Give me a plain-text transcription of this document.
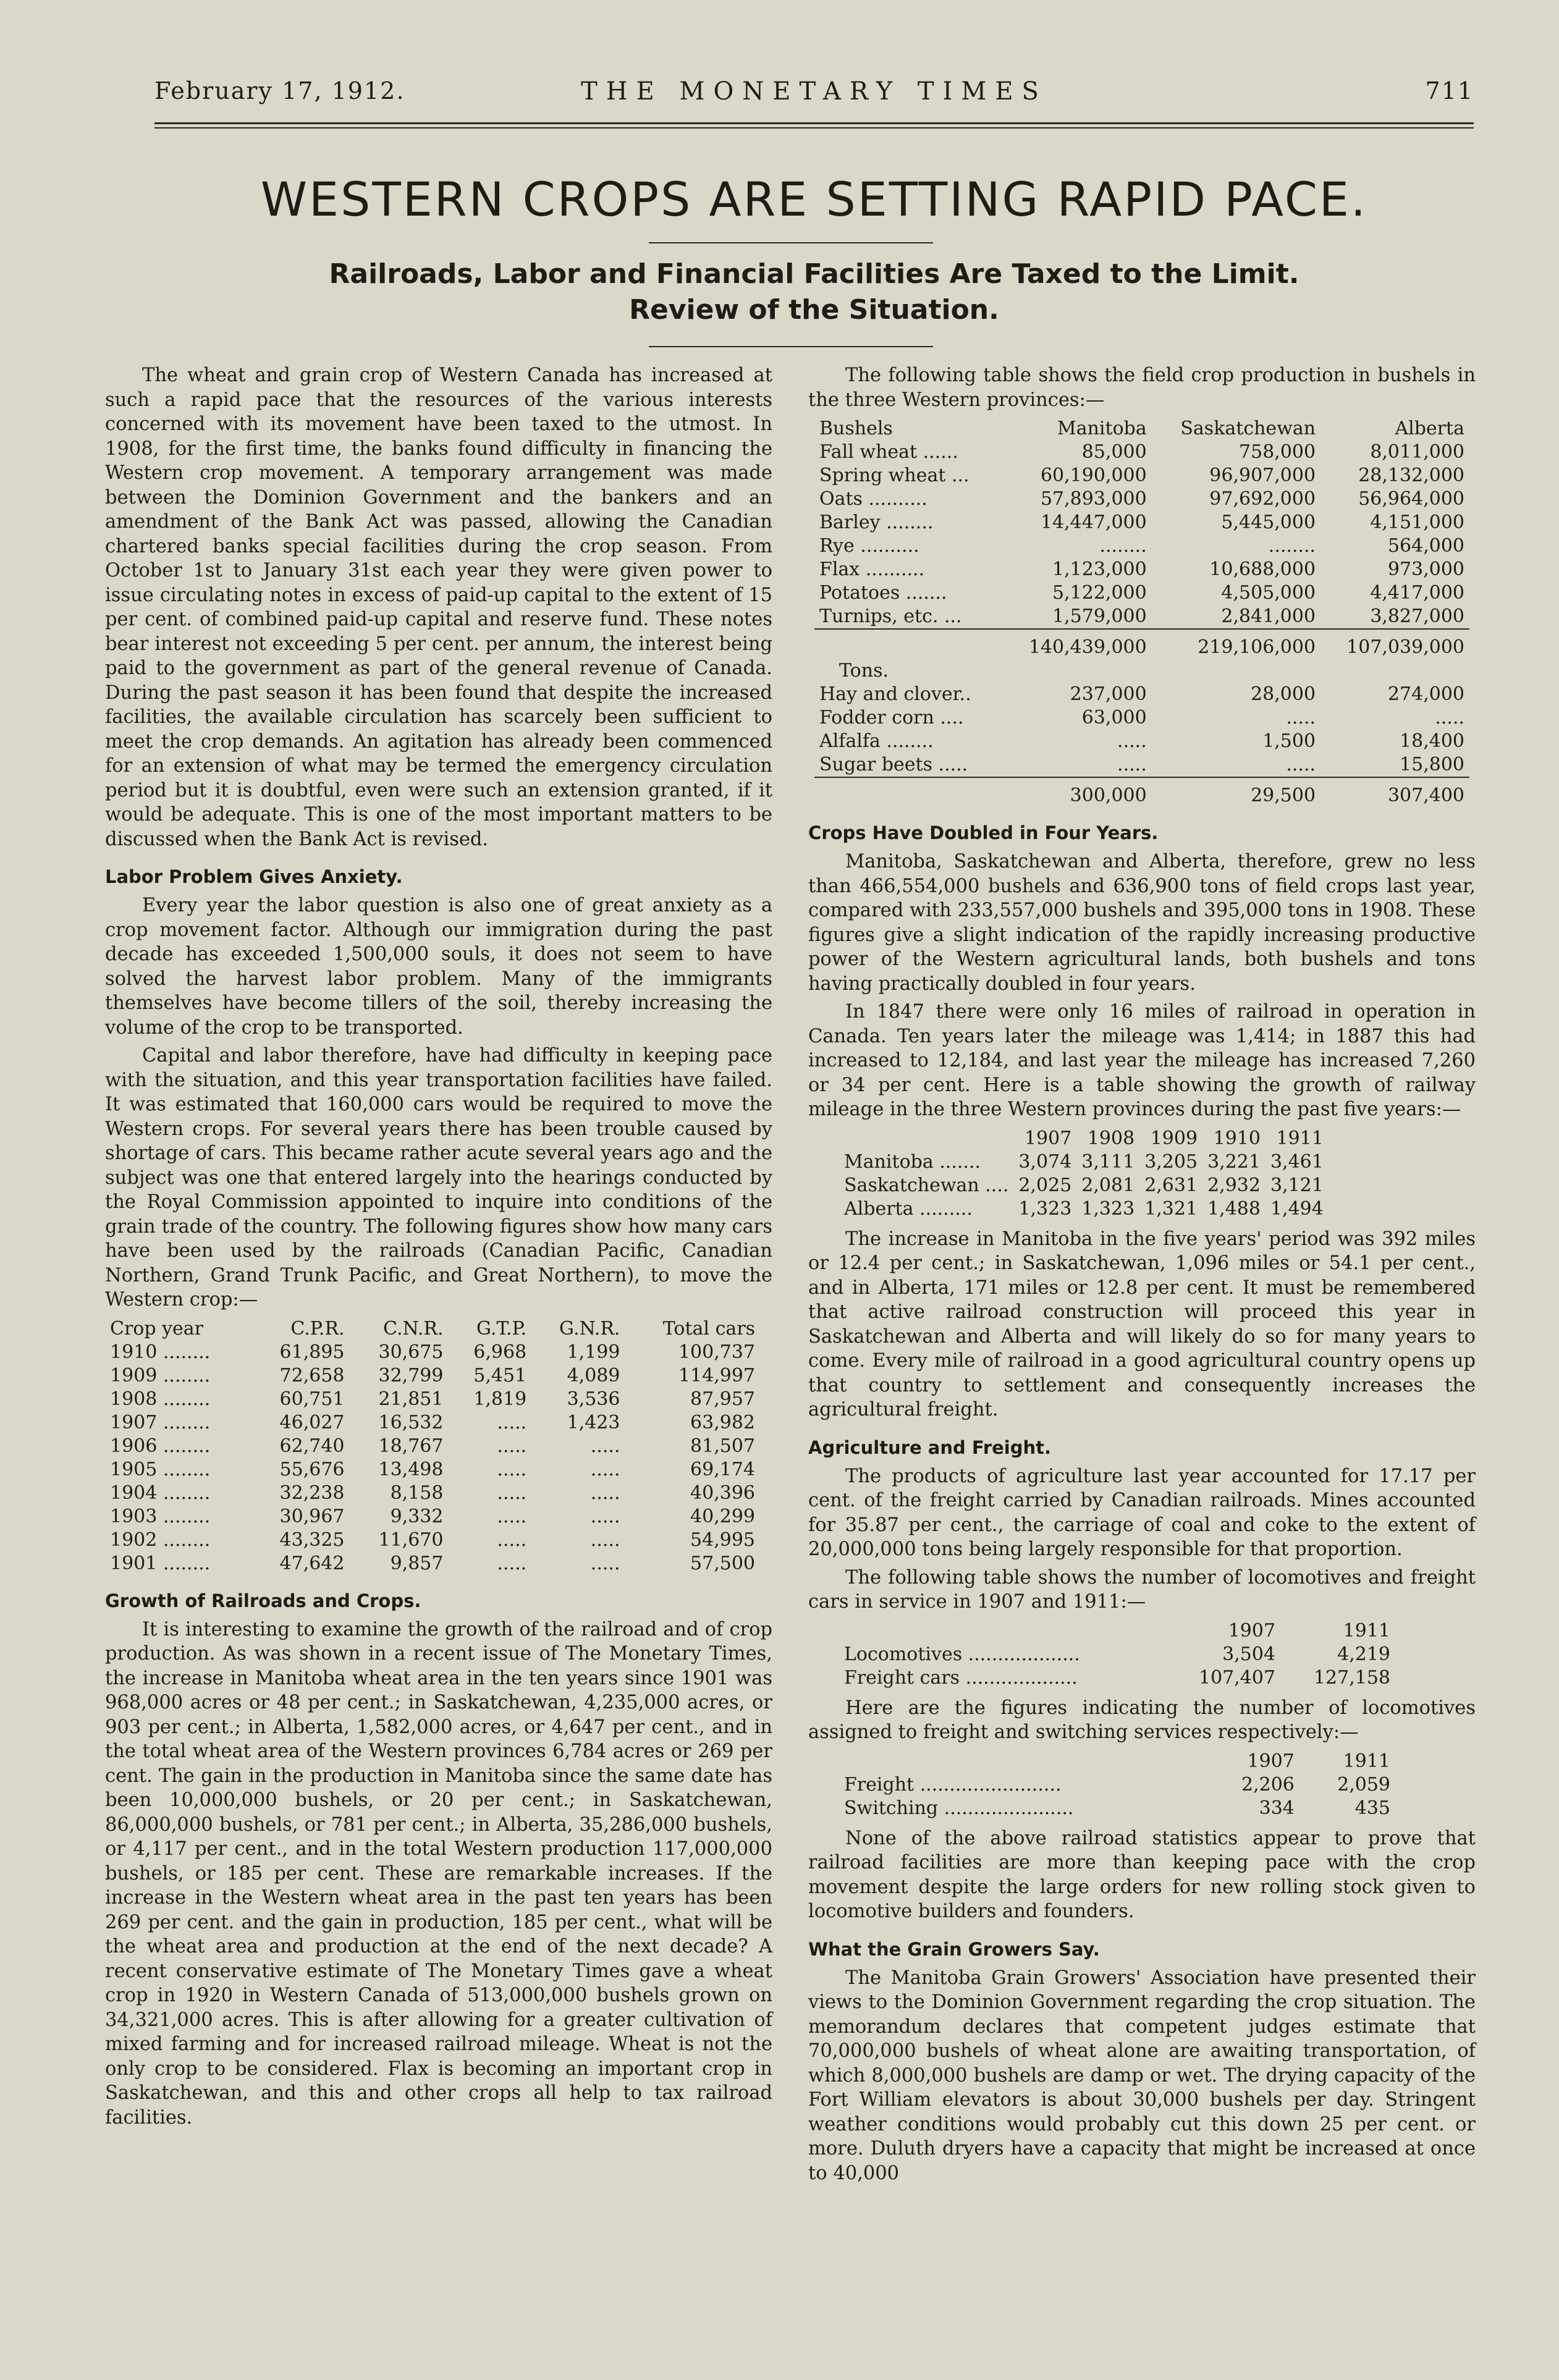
February 17, 1912.	THE MONETARY TIMES	711
WESTERN CROPS ARE SETTING RAPID PACE.
Railroads, Labor and Financial Facilities Are Taxed to the Limit.
Review of the Situation.

The wheat and grain crop of Western Canada has increased at such a rapid pace that the resources of the various interests concerned with its movement have been taxed to the utmost. In 1908, for the first time, the banks found difficulty in financing the Western crop movement. A temporary arrangement was made between the Dominion Government and the bankers and an amendment of the Bank Act was passed, allowing the Canadian chartered banks special facilities during the crop season. From October 1st to January 31st each year they were given power to issue circulating notes in excess of paid-up capital to the extent of 15 per cent. of combined paid-up capital and reserve fund. These notes bear interest not exceeding 5 per cent. per annum, the interest being paid to the government as part of the general revenue of Canada. During the past season it has been found that despite the increased facilities, the available circulation has scarcely been sufficient to meet the crop demands. An agitation has already been commenced for an extension of what may be termed the emergency circulation period but it is doubtful, even were such an extension granted, if it would be adequate. This is one of the most important matters to be discussed when the Bank Act is revised.

Labor Problem Gives Anxiety.

Every year the labor question is also one of great anxiety as a crop movement factor. Although our immigration during the past decade has exceeded 1,500,000 souls, it does not seem to have solved the harvest labor problem. Many of the immigrants themselves have become tillers of the soil, thereby increasing the volume of the crop to be transported.

Capital and labor therefore, have had difficulty in keeping pace with the situation, and this year transportation facilities have failed. It was estimated that 160,000 cars would be required to move the Western crops. For several years there has been trouble caused by shortage of cars. This became rather acute several years ago and the subject was one that entered largely into the hearings conducted by the Royal Commission appointed to inquire into conditions of the grain trade of the country. The following figures show how many cars have been used by the railroads (Canadian Pacific, Canadian Northern, Grand Trunk Pacific, and Great Northern), to move the Western crop:—

Crop year	C.P.R.	C.N.R.	G.T.P.	G.N.R.	Total cars
1910 ........	61,895	30,675	6,968	1,199	100,737
1909 ........	72,658	32,799	5,451	4,089	114,997
1908 ........	60,751	21,851	1,819	3,536	87,957
1907 ........	46,027	16,532	.....	1,423	63,982
1906 ........	62,740	18,767	.....	.....	81,507
1905 ........	55,676	13,498	.....	.....	69,174
1904 ........	32,238	8,158	.....	.....	40,396
1903 ........	30,967	9,332	.....	.....	40,299
1902 ........	43,325	11,670	.....	.....	54,995
1901 ........	47,642	9,857	.....	.....	57,500
Growth of Railroads and Crops.

It is interesting to examine the growth of the railroad and of crop production. As was shown in a recent issue of The Monetary Times, the increase in Manitoba wheat area in the ten years since 1901 was 968,000 acres or 48 per cent.; in Saskatchewan, 4,235,000 acres, or 903 per cent.; in Alberta, 1,582,000 acres, or 4,647 per cent., and in the total wheat area of the Western provinces 6,784 acres or 269 per cent. The gain in the production in Manitoba since the same date has been 10,000,000 bushels, or 20 per cent.; in Saskatchewan, 86,000,000 bushels, or 781 per cent.; in Alberta, 35,286,000 bushels, or 4,117 per cent., and in the total Western production 117,000,000 bushels, or 185 per cent. These are remarkable increases. If the increase in the Western wheat area in the past ten years has been 269 per cent. and the gain in production, 185 per cent., what will be the wheat area and production at the end of the next decade? A recent conservative estimate of The Monetary Times gave a wheat crop in 1920 in Western Canada of 513,000,000 bushels grown on 34,321,000 acres. This is after allowing for a greater cultivation of mixed farming and for increased railroad mileage. Wheat is not the only crop to be considered. Flax is becoming an important crop in Saskatchewan, and this and other crops all help to tax railroad facilities.

The following table shows the field crop production in bushels in the three Western provinces:—

Bushels	Manitoba	Saskatchewan	Alberta
Fall wheat ......	85,000	758,000	8,011,000
Spring wheat ...	60,190,000	96,907,000	28,132,000
Oats ..........	57,893,000	97,692,000	56,964,000
Barley ........	14,447,000	5,445,000	4,151,000
Rye ..........	........	........	564,000
Flax ..........	1,123,000	10,688,000	973,000
Potatoes .......	5,122,000	4,505,000	4,417,000
Turnips, etc. ...	1,579,000	2,841,000	3,827,000
	140,439,000	219,106,000	107,039,000
Tons.			
Hay and clover..	237,000	28,000	274,000
Fodder corn ....	63,000	.....	.....
Alfalfa ........	.....	1,500	18,400
Sugar beets .....	.....	.....	15,800
	300,000	29,500	307,400
Crops Have Doubled in Four Years.

Manitoba, Saskatchewan and Alberta, therefore, grew no less than 466,554,000 bushels and 636,900 tons of field crops last year, compared with 233,557,000 bushels and 395,000 tons in 1908. These figures give a slight indication of the rapidly increasing productive power of the Western agricultural lands, both bushels and tons having practically doubled in four years.

In 1847 there were only 16 miles of railroad in operation in Canada. Ten years later the mileage was 1,414; in 1887 this had increased to 12,184, and last year the mileage has increased 7,260 or 34 per cent. Here is a table showing the growth of railway mileage in the three Western provinces during the past five years:—

	1907	1908	1909	1910	1911
Manitoba .......	3,074	3,111	3,205	3,221	3,461
Saskatchewan ....	2,025	2,081	2,631	2,932	3,121
Alberta .........	1,323	1,323	1,321	1,488	1,494

The increase in Manitoba in the five years' period was 392 miles or 12.4 per cent.; in Saskatchewan, 1,096 miles or 54.1 per cent., and in Alberta, 171 miles or 12.8 per cent. It must be remembered that active railroad construction will proceed this year in Saskatchewan and Alberta and will likely do so for many years to come. Every mile of railroad in a good agricultural country opens up that country to settlement and consequently increases the agricultural freight.

Agriculture and Freight.

The products of agriculture last year accounted for 17.17 per cent. of the freight carried by Canadian railroads. Mines accounted for 35.87 per cent., the carriage of coal and coke to the extent of 20,000,000 tons being largely responsible for that proportion.

The following table shows the number of locomotives and freight cars in service in 1907 and 1911:—

	1907	1911
Locomotives ...................	3,504	4,219
Freight cars ...................	107,407	127,158

Here are the figures indicating the number of locomotives assigned to freight and switching services respectively:—

	1907	1911
Freight ........................	2,206	2,059
Switching ......................	334	435

None of the above railroad statistics appear to prove that railroad facilities are more than keeping pace with the crop movement despite the large orders for new rolling stock given to locomotive builders and founders.

What the Grain Growers Say.

The Manitoba Grain Growers' Association have presented their views to the Dominion Government regarding the crop situation. The memorandum declares that competent judges estimate that 70,000,000 bushels of wheat alone are awaiting transportation, of which 8,000,000 bushels are damp or wet. The drying capacity of the Fort William elevators is about 30,000 bushels per day. Stringent weather conditions would probably cut this down 25 per cent. or more. Duluth dryers have a capacity that might be increased at once to 40,000
